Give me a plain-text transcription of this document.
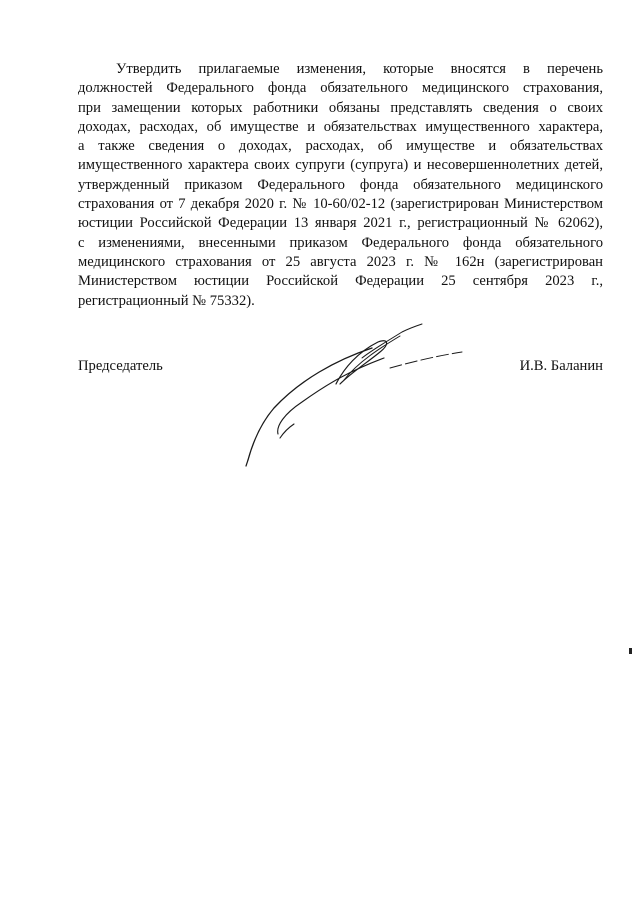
Утвердить прилагаемые изменения, которые вносятся в перечень
должностей Федерального фонда обязательного медицинского страхования,
при замещении которых работники обязаны представлять сведения о своих
доходах, расходах, об имуществе и обязательствах имущественного характера,
а также сведения о доходах, расходах, об имуществе и обязательствах
имущественного характера своих супруги (супруга) и несовершеннолетних детей,
утвержденный приказом Федерального фонда обязательного медицинского
страхования от 7 декабря 2020 г. № 10-60/02-12 (зарегистрирован Министерством
юстиции Российской Федерации 13 января 2021 г., регистрационный № 62062),
с изменениями, внесенными приказом Федерального фонда обязательного
медицинского страхования от 25 августа 2023 г. № 162н (зарегистрирован
Министерством юстиции Российской Федерации 25 сентября 2023 г.,
регистрационный № 75332).

Председатель	И.В. Баланин
